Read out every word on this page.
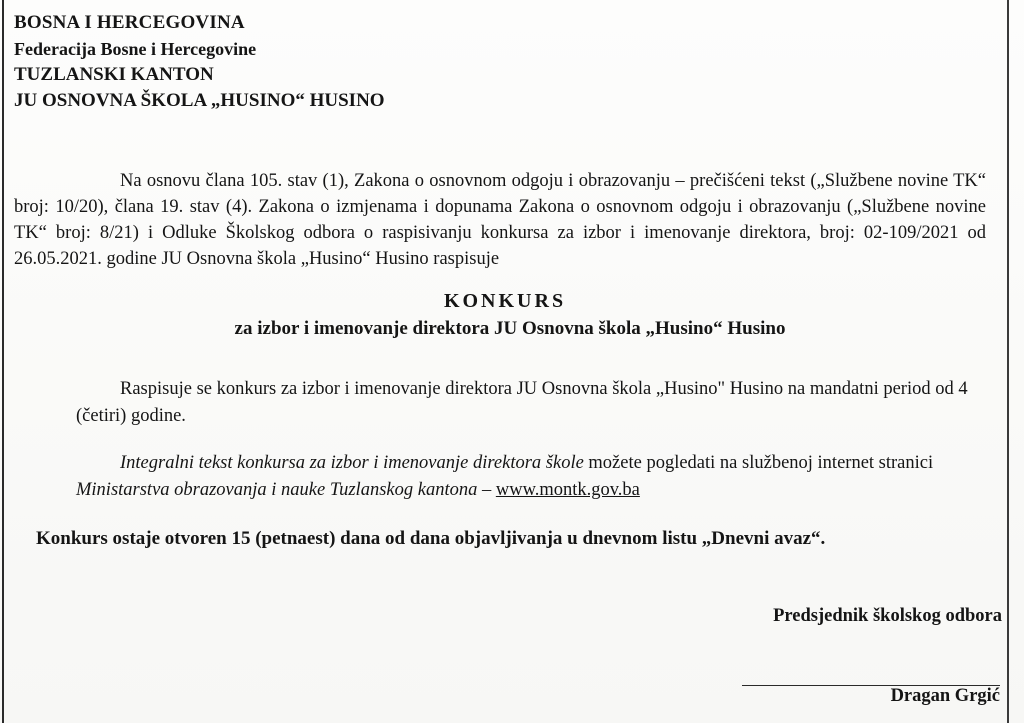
BOSNA I HERCEGOVINA
Federacija Bosne i Hercegovine
TUZLANSKI KANTON
JU OSNOVNA ŠKOLA „HUSINO“ HUSINO
Na osnovu člana 105. stav (1), Zakona o osnovnom odgoju i obrazovanju – prečišćeni tekst („Službene novine TK“ broj: 10/20), člana 19. stav (4). Zakona o izmjenama i dopunama Zakona o osnovnom odgoju i obrazovanju („Službene novine TK“ broj: 8/21) i Odluke Školskog odbora o raspisivanju konkursa za izbor i imenovanje direktora, broj: 02-109/2021 od 26.05.2021. godine JU Osnovna škola „Husino“ Husino raspisuje
KONKURS
za izbor i imenovanje direktora JU Osnovna škola „Husino“ Husino
Raspisuje se konkurs za izbor i imenovanje direktora JU Osnovna škola „Husino" Husino na mandatni period od 4 (četiri) godine.
Integralni tekst konkursa za izbor i imenovanje direktora škole možete pogledati na službenoj internet stranici Ministarstva obrazovanja i nauke Tuzlanskog kantona – www.montk.gov.ba
Konkurs ostaje otvoren 15 (petnaest) dana od dana objavljivanja u dnevnom listu „Dnevni avaz“.
Predsjednik školskog odbora
Dragan Grgić
